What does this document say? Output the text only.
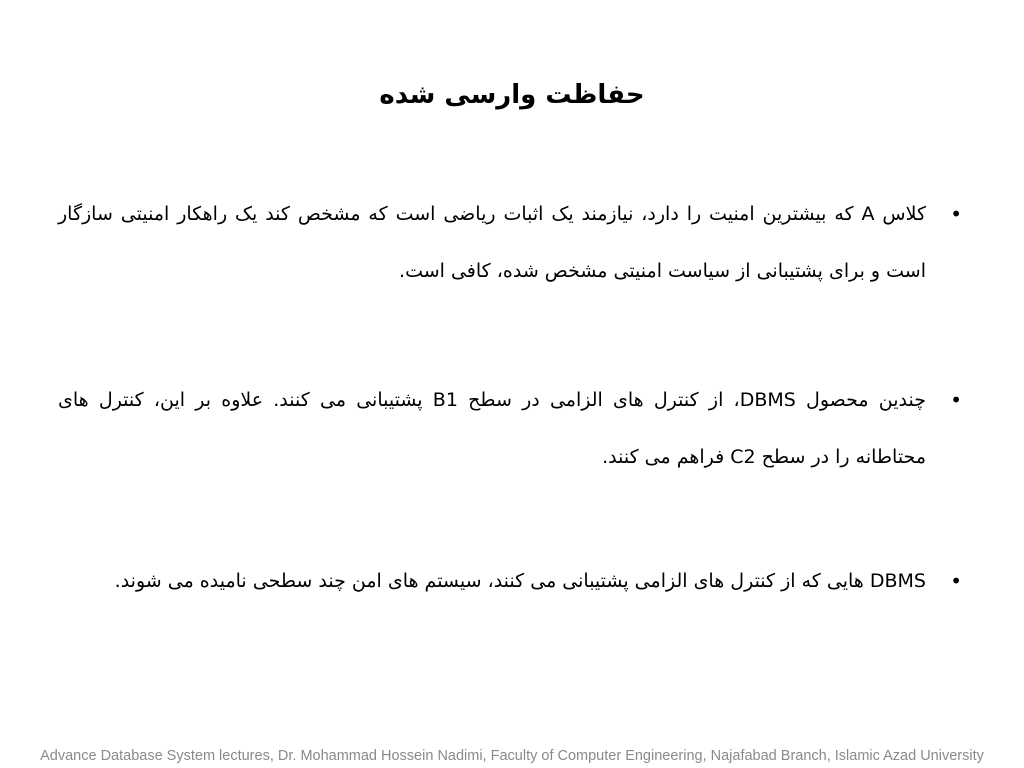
حفاظت وارسی شده
•
کلاس A که بیشترین امنیت را دارد، نیازمند یک اثبات ریاضی است که مشخص کند یک راهکار امنیتی سازگار است و برای پشتیبانی از سیاست امنیتی مشخص شده، کافی است.
•
چندین محصول DBMS، از کنترل های الزامی در سطح B1 پشتیبانی می کنند. علاوه بر این، کنترل های محتاطانه را در سطح C2 فراهم می کنند.
•
DBMS هایی که از کنترل های الزامی پشتیبانی می کنند، سیستم های امن چند سطحی نامیده می شوند.
Advance Database System lectures, Dr. Mohammad Hossein Nadimi, Faculty of Computer Engineering, Najafabad Branch, Islamic Azad University
